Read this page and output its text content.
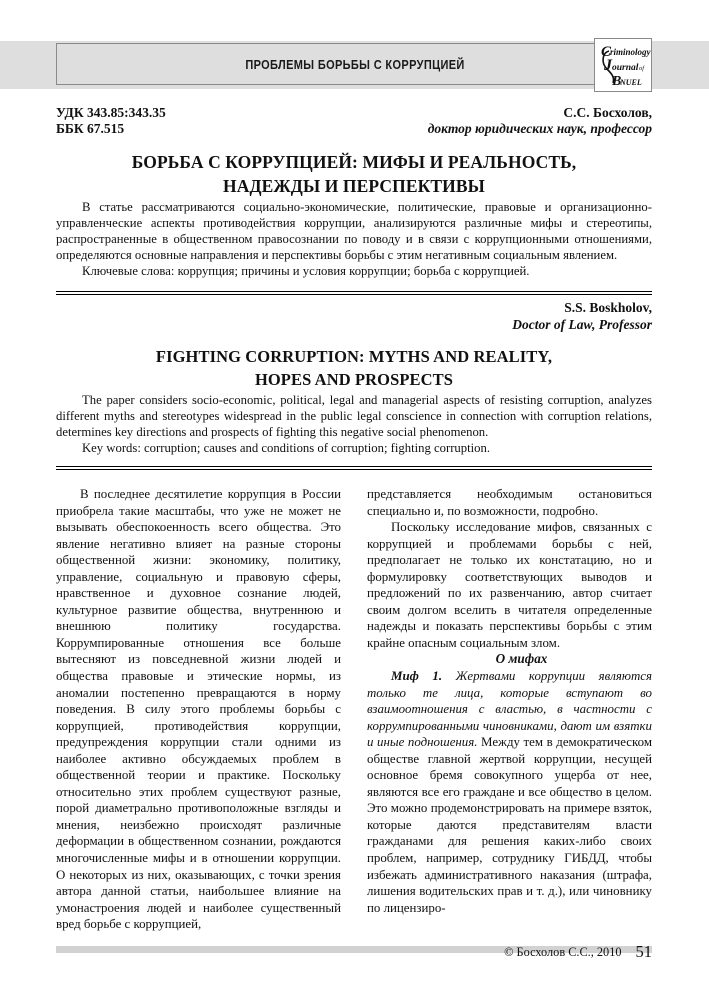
ПРОБЛЕМЫ БОРЬБЫ С КОРРУПЦИЕЙ
C
riminology
J ournal of
B
NUEL
УДК 343.85:343.35
ББК 67.515
С.С. Босхолов,
доктор юридических наук, профессор
БОРЬБА С КОРРУПЦИЕЙ: МИФЫ И РЕАЛЬНОСТЬ,
НАДЕЖДЫ И ПЕРСПЕКТИВЫ

В статье рассматриваются социально-экономические, политические, правовые и организационно-управленческие аспекты противодействия коррупции, анализируются различные мифы и стереотипы, распространенные в общественном правосознании по поводу и в связи с коррупционными отношениями, определяются основные направления и перспективы борьбы с этим негативным социальным явлением.

Ключевые слова: коррупция; причины и условия коррупции; борьба с коррупцией.

S.S. Boskholov,
Doctor of Law, Professor
FIGHTING CORRUPTION: MYTHS AND REALITY,
HOPES AND PROSPECTS

The paper considers socio-economic, political, legal and managerial aspects of resisting corruption, analyzes different myths and stereotypes widespread in the public legal conscience in connection with corruption relations, determines key directions and prospects of fighting this negative social phenomenon.

Key words: corruption; causes and conditions of corruption; fighting corruption.

В последнее десятилетие коррупция в России приобрела такие масштабы, что уже не может не вызывать обеспокоенность всего общества. Это явление негативно влияет на разные стороны общественной жизни: экономику, политику, управление, социальную и правовую сферы, нравственное и духовное сознание людей, культурное развитие общества, внутреннюю и внешнюю политику государства. Коррумпированные отношения все больше вытесняют из повседневной жизни людей и общества правовые и этические нормы, из аномалии постепенно превращаются в норму поведения. В силу этого проблемы борьбы с коррупцией, противодействия коррупции, предупреждения коррупции стали одними из наиболее активно обсуждаемых проблем в общественной теории и практике. Поскольку относительно этих проблем существуют разные, порой диаметрально противоположные взгляды и мнения, неизбежно происходят различные деформации в общественном сознании, рождаются многочисленные мифы и в отношении коррупции. О некоторых из них, оказывающих, с точки зрения автора данной статьи, наибольшее влияние на умонастроения людей и наиболее существенный вред борьбе с коррупцией,

представляется необходимым остановиться специально и, по возможности, подробно.

Поскольку исследование мифов, связанных с коррупцией и проблемами борьбы с ней, предполагает не только их констатацию, но и формулировку соответствующих выводов и предложений по их развенчанию, автор считает своим долгом вселить в читателя определенные надежды и показать перспективы борьбы с этим крайне опасным социальным злом.

О мифах

Миф 1. Жертвами коррупции являются только те лица, которые вступают во взаимоотношения с властью, в частности с коррумпированными чиновниками, дают им взятки и иные подношения. Между тем в демократическом обществе главной жертвой коррупции, несущей основное бремя совокупного ущерба от нее, являются все его граждане и все общество в целом. Это можно продемонстрировать на примере взяток, которые даются представителям власти гражданами для решения каких-либо своих проблем, например, сотруднику ГИБДД, чтобы избежать административного наказания (штрафа, лишения водительских прав и т. д.), или чиновнику по лицензиро-

© Босхолов С.С., 2010 51
